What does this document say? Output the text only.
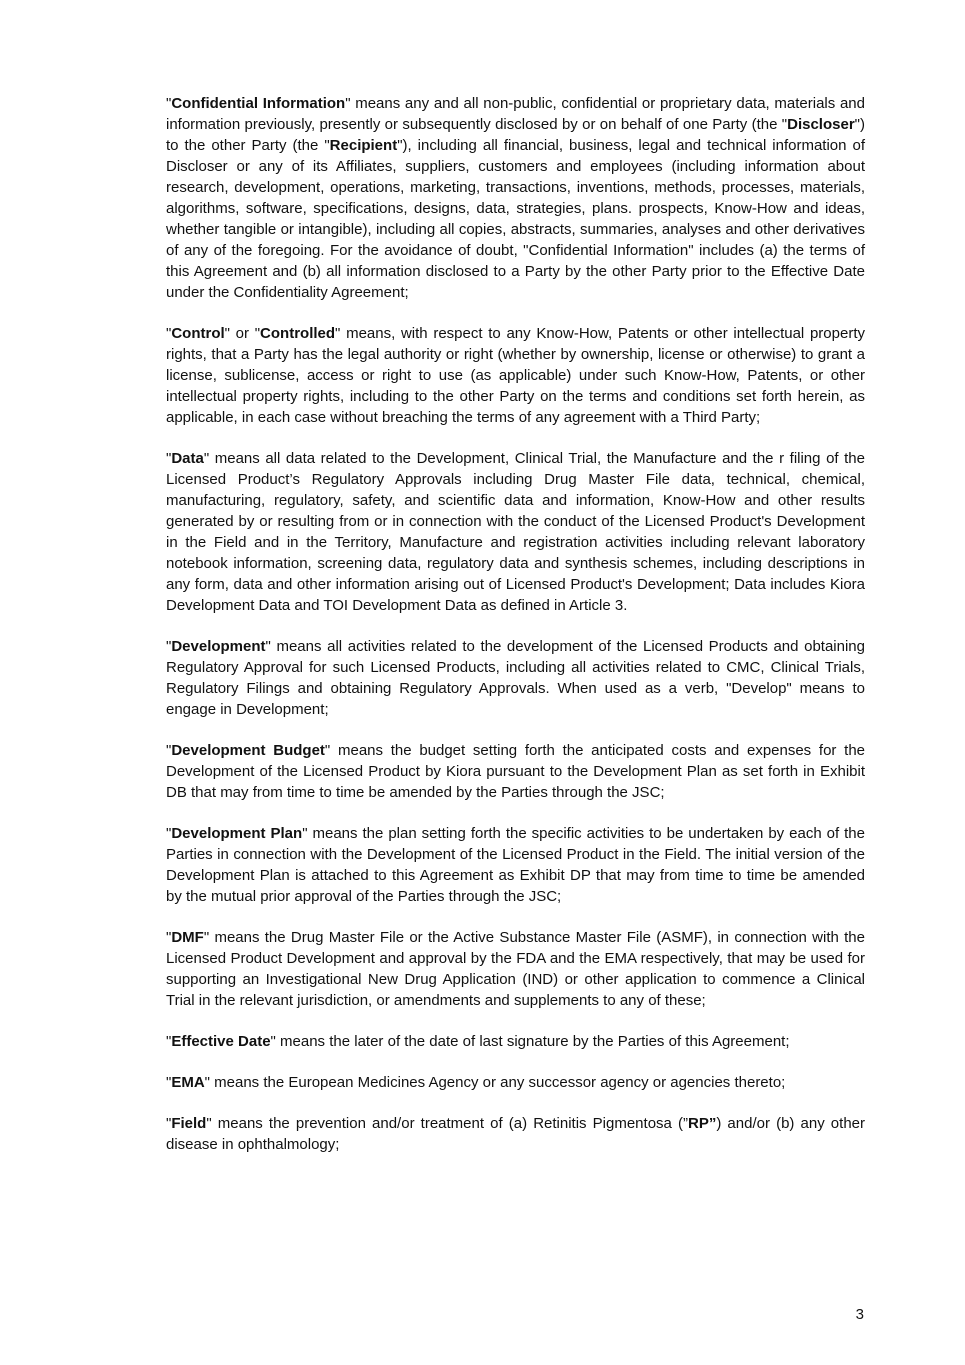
"Confidential Information" means any and all non-public, confidential or proprietary data, materials and information previously, presently or subsequently disclosed by or on behalf of one Party (the "Discloser") to the other Party (the "Recipient"), including all financial, business, legal and technical information of Discloser or any of its Affiliates, suppliers, customers and employees (including information about research, development, operations, marketing, transactions, inventions, methods, processes, materials, algorithms, software, specifications, designs, data, strategies, plans. prospects, Know-How and ideas, whether tangible or intangible), including all copies, abstracts, summaries, analyses and other derivatives of any of the foregoing. For the avoidance of doubt, "Confidential Information" includes (a) the terms of this Agreement and (b) all information disclosed to a Party by the other Party prior to the Effective Date under the Confidentiality Agreement;

"Control" or "Controlled" means, with respect to any Know-How, Patents or other intellectual property rights, that a Party has the legal authority or right (whether by ownership, license or otherwise) to grant a license, sublicense, access or right to use (as applicable) under such Know-How, Patents, or other intellectual property rights, including to the other Party on the terms and conditions set forth herein, as applicable, in each case without breaching the terms of any agreement with a Third Party;

"Data" means all data related to the Development, Clinical Trial, the Manufacture and the r filing of the Licensed Product’s Regulatory Approvals including Drug Master File data, technical, chemical, manufacturing, regulatory, safety, and scientific data and information, Know-How and other results generated by or resulting from or in connection with the conduct of the Licensed Product's Development in the Field and in the Territory, Manufacture and registration activities including relevant laboratory notebook information, screening data, regulatory data and synthesis schemes, including descriptions in any form, data and other information arising out of Licensed Product's Development; Data includes Kiora Development Data and TOI Development Data as defined in Article 3.

"Development" means all activities related to the development of the Licensed Products and obtaining Regulatory Approval for such Licensed Products, including all activities related to CMC, Clinical Trials, Regulatory Filings and obtaining Regulatory Approvals. When used as a verb, "Develop" means to engage in Development;

"Development Budget" means the budget setting forth the anticipated costs and expenses for the Development of the Licensed Product by Kiora pursuant to the Development Plan as set forth in Exhibit DB that may from time to time be amended by the Parties through the JSC;

"Development Plan" means the plan setting forth the specific activities to be undertaken by each of the Parties in connection with the Development of the Licensed Product in the Field. The initial version of the Development Plan is attached to this Agreement as Exhibit DP that may from time to time be amended by the mutual prior approval of the Parties through the JSC;

"DMF" means the Drug Master File or the Active Substance Master File (ASMF), in connection with the Licensed Product Development and approval by the FDA and the EMA respectively, that may be used for supporting an Investigational New Drug Application (IND) or other application to commence a Clinical Trial in the relevant jurisdiction, or amendments and supplements to any of these;

"Effective Date" means the later of the date of last signature by the Parties of this Agreement;

"EMA" means the European Medicines Agency or any successor agency or agencies thereto;

"Field" means the prevention and/or treatment of (a) Retinitis Pigmentosa (”RP”) and/or (b) any other disease in ophthalmology;

3
